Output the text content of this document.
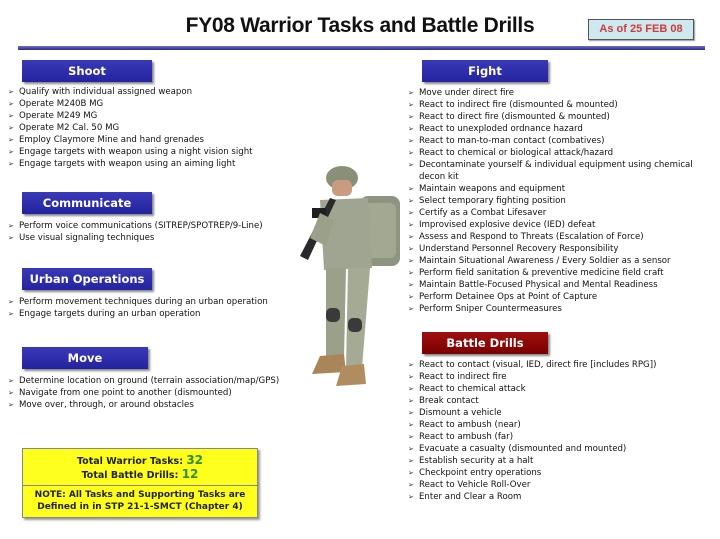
FY08 Warrior Tasks and Battle Drills	As of 25 FEB 08
Shoot
➢ Qualify with individual assigned weapon
➢ Operate M240B MG
➢ Operate M249 MG
➢ Operate M2 Cal. 50 MG
➢ Employ Claymore Mine and hand grenades
➢ Engage targets with weapon using a night vision sight
➢ Engage targets with weapon using an aiming light
Communicate
➢ Perform voice communications (SITREP/SPOTREP/9-Line)
➢ Use visual signaling techniques
Urban Operations
➢ Perform movement techniques during an urban operation
➢ Engage targets during an urban operation
Move
➢ Determine location on ground (terrain association/map/GPS)
➢ Navigate from one point to another (dismounted)
➢ Move over, through, or around obstacles
Total Warrior Tasks: 32
Total Battle Drills: 12
NOTE: All Tasks and Supporting Tasks are
Defined in in STP 21-1-SMCT (Chapter 4)
Fight
➢ Move under direct fire
➢ React to indirect fire (dismounted & mounted)
➢ React to direct fire (dismounted & mounted)
➢ React to unexploded ordnance hazard
➢ React to man-to-man contact (combatives)
➢ React to chemical or biological attack/hazard
➢ Decontaminate yourself & individual equipment using chemical decon kit
➢ Maintain weapons and equipment
➢ Select temporary fighting position
➢ Certify as a Combat Lifesaver
➢ Improvised explosive device (IED) defeat
➢ Assess and Respond to Threats (Escalation of Force)
➢ Understand Personnel Recovery Responsibility
➢ Maintain Situational Awareness / Every Soldier as a sensor
➢ Perform field sanitation & preventive medicine field craft
➢ Maintain Battle-Focused Physical and Mental Readiness
➢ Perform Detainee Ops at Point of Capture
➢ Perform Sniper Countermeasures
Battle Drills
➢ React to contact (visual, IED, direct fire [includes RPG])
➢ React to indirect fire
➢ React to chemical attack
➢ Break contact
➢ Dismount a vehicle
➢ React to ambush (near)
➢ React to ambush (far)
➢ Evacuate a casualty (dismounted and mounted)
➢ Establish security at a halt
➢ Checkpoint entry operations
➢ React to Vehicle Roll-Over
➢ Enter and Clear a Room
